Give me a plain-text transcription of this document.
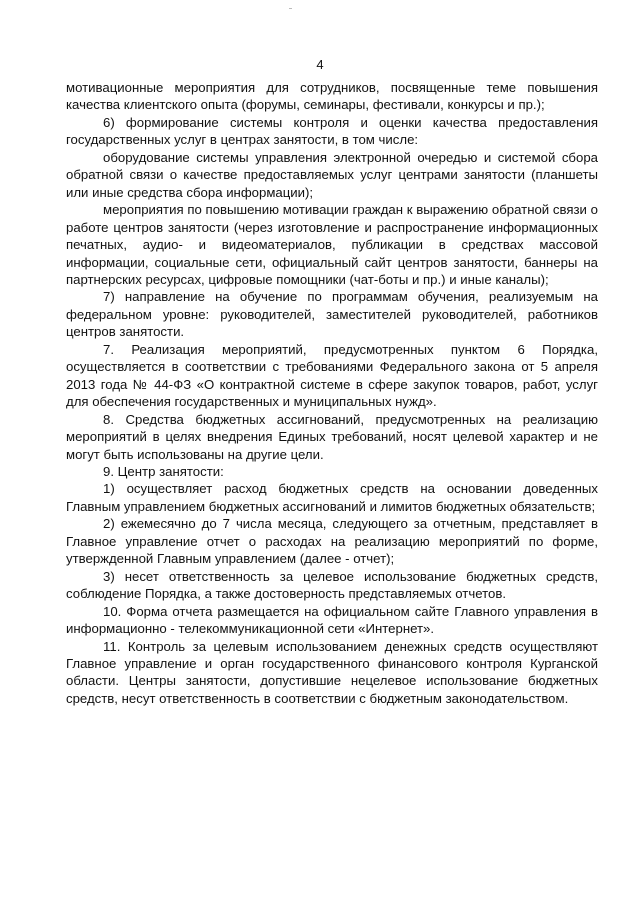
4

мотивационные мероприятия для сотрудников, посвященные теме повышения качества клиентского опыта (форумы, семинары, фестивали, конкурсы и пр.);

6) формирование системы контроля и оценки качества предоставления государственных услуг в центрах занятости, в том числе:

оборудование системы управления электронной очередью и системой сбора обратной связи о качестве предоставляемых услуг центрами занятости (планшеты или иные средства сбора информации);

мероприятия по повышению мотивации граждан к выражению обратной связи о работе центров занятости (через изготовление и распространение информационных печатных, аудио- и видеоматериалов, публикации в средствах массовой информации, социальные сети, официальный сайт центров занятости, баннеры на партнерских ресурсах, цифровые помощники (чат-боты и пр.) и иные каналы);

7) направление на обучение по программам обучения, реализуемым на федеральном уровне: руководителей, заместителей руководителей, работников центров занятости.

7. Реализация мероприятий, предусмотренных пунктом 6 Порядка, осуществляется в соответствии с требованиями Федерального закона от 5 апреля 2013 года № 44-ФЗ «О контрактной системе в сфере закупок товаров, работ, услуг для обеспечения государственных и муниципальных нужд».

8. Средства бюджетных ассигнований, предусмотренных на реализацию мероприятий в целях внедрения Единых требований, носят целевой характер и не могут быть использованы на другие цели.

9. Центр занятости:

1) осуществляет расход бюджетных средств на основании доведенных Главным управлением бюджетных ассигнований и лимитов бюджетных обязательств;

2) ежемесячно до 7 числа месяца, следующего за отчетным, представляет в Главное управление отчет о расходах на реализацию мероприятий по форме, утвержденной Главным управлением (далее - отчет);

3) несет ответственность за целевое использование бюджетных средств, соблюдение Порядка, а также достоверность представляемых отчетов.

10. Форма отчета размещается на официальном сайте Главного управления в информационно - телекоммуникационной сети «Интернет».

11. Контроль за целевым использованием денежных средств осуществляют Главное управление и орган государственного финансового контроля Курганской области. Центры занятости, допустившие нецелевое использование бюджетных средств, несут ответственность в соответствии с бюджетным законодательством.
